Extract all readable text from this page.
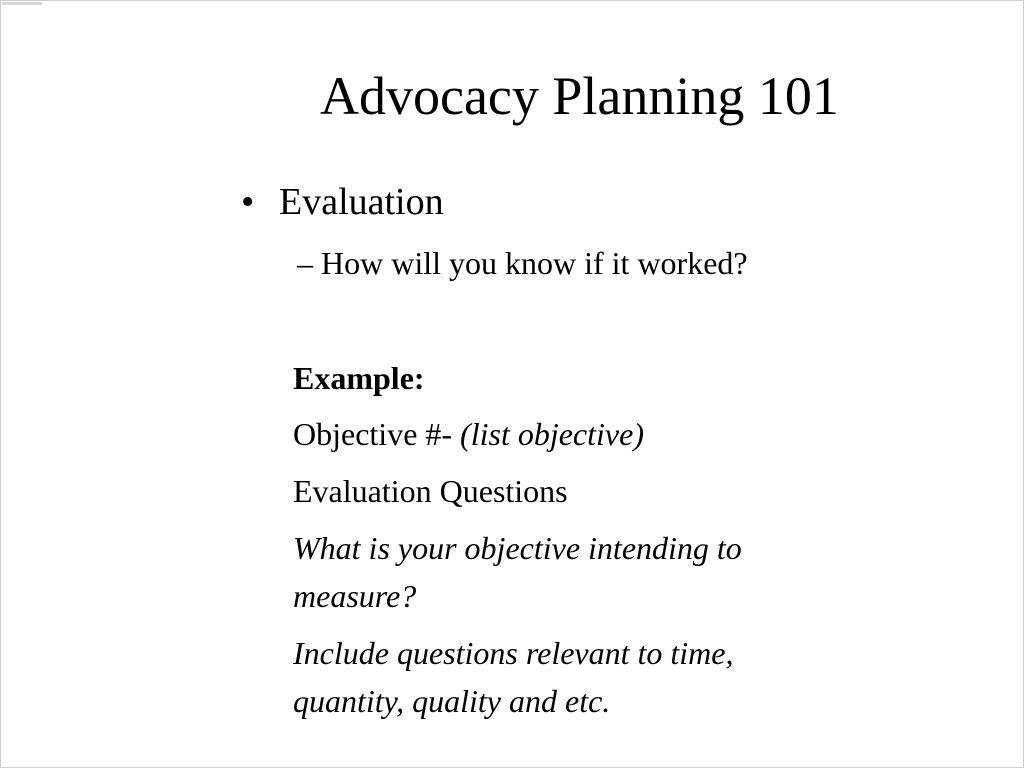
Advocacy Planning 101
• Evaluation
– How will you know if it worked?
Example:
Objective #- (list objective)
Evaluation Questions
What is your objective intending to
measure?
Include questions relevant to time,
quantity, quality and etc.
